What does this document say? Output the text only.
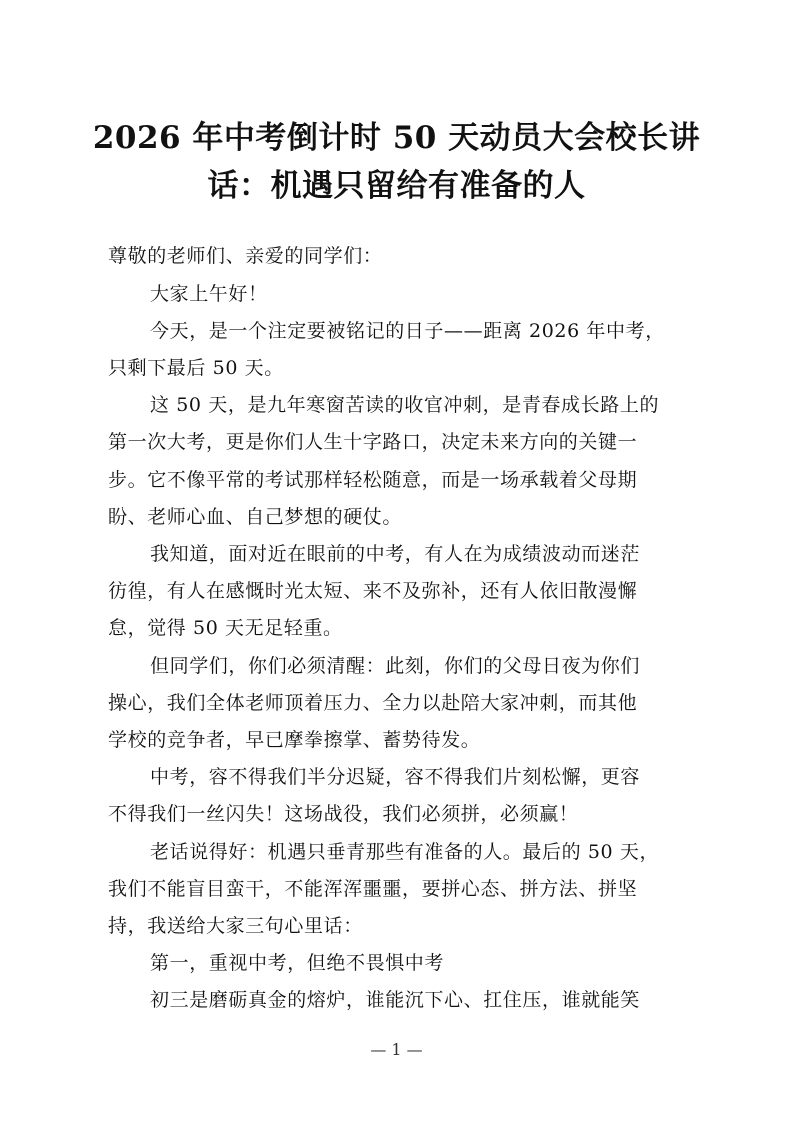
2026 年中考倒计时 50 天动员大会校长讲
话：机遇只留给有准备的人

尊敬的老师们、亲爱的同学们：

大家上午好！

今天，是一个注定要被铭记的日子——距离 2026 年中考，

只剩下最后 50 天。

这 50 天，是九年寒窗苦读的收官冲刺，是青春成长路上的

第一次大考，更是你们人生十字路口，决定未来方向的关键一

步。它不像平常的考试那样轻松随意，而是一场承载着父母期

盼、老师心血、自己梦想的硬仗。

我知道，面对近在眼前的中考，有人在为成绩波动而迷茫

彷徨，有人在感慨时光太短、来不及弥补，还有人依旧散漫懈

怠，觉得 50 天无足轻重。

但同学们，你们必须清醒：此刻，你们的父母日夜为你们

操心，我们全体老师顶着压力、全力以赴陪大家冲刺，而其他

学校的竞争者，早已摩拳擦掌、蓄势待发。

中考，容不得我们半分迟疑，容不得我们片刻松懈，更容

不得我们一丝闪失！这场战役，我们必须拼，必须赢！

老话说得好：机遇只垂青那些有准备的人。最后的 50 天，

我们不能盲目蛮干，不能浑浑噩噩，要拼心态、拼方法、拼坚

持，我送给大家三句心里话：

第一，重视中考，但绝不畏惧中考

初三是磨砺真金的熔炉，谁能沉下心、扛住压，谁就能笑

— 1 —
